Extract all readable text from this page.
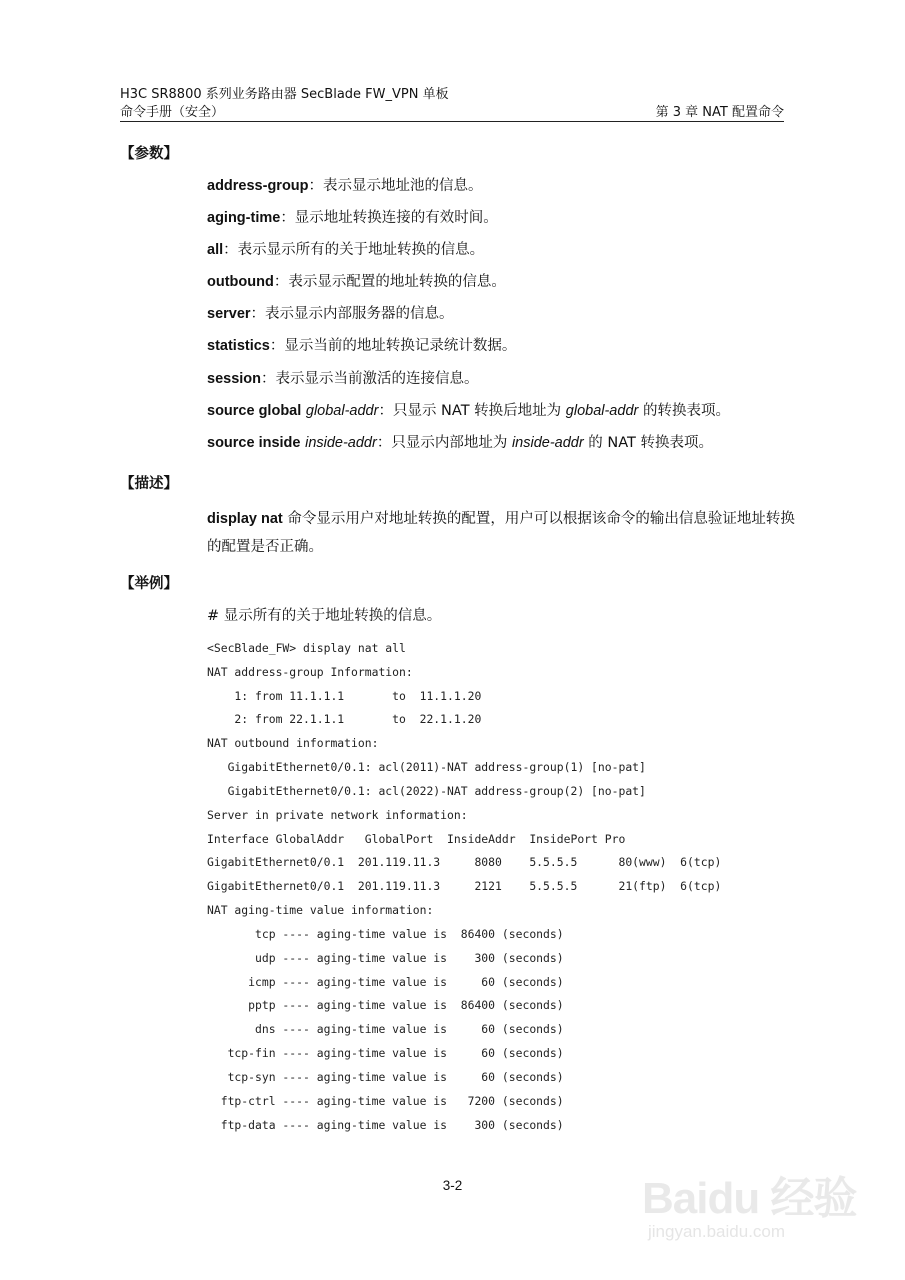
H3C SR8800 系列业务路由器 SecBlade FW_VPN 单板
命令手册（安全）	第 3 章 NAT 配置命令
【参数】
address-group：表示显示地址池的信息。
aging-time：显示地址转换连接的有效时间。
all：表示显示所有的关于地址转换的信息。
outbound：表示显示配置的地址转换的信息。
server：表示显示内部服务器的信息。
statistics：显示当前的地址转换记录统计数据。
session：表示显示当前激活的连接信息。
source global global-addr：只显示 NAT 转换后地址为 global-addr 的转换表项。
source inside inside-addr：只显示内部地址为 inside-addr 的 NAT 转换表项。
【描述】
display nat 命令显示用户对地址转换的配置，用户可以根据该命令的输出信息验证地址转换的配置是否正确。
【举例】
# 显示所有的关于地址转换的信息。
<SecBlade_FW> display nat all
NAT address-group Information:
1: from 11.1.1.1       to  11.1.1.20
2: from 22.1.1.1       to  22.1.1.20
NAT outbound information:
GigabitEthernet0/0.1: acl(2011)-NAT address-group(1) [no-pat]
GigabitEthernet0/0.1: acl(2022)-NAT address-group(2) [no-pat]
Server in private network information:
Interface GlobalAddr   GlobalPort  InsideAddr  InsidePort Pro
GigabitEthernet0/0.1  201.119.11.3     8080    5.5.5.5      80(www)  6(tcp)
GigabitEthernet0/0.1  201.119.11.3     2121    5.5.5.5      21(ftp)  6(tcp)
NAT aging-time value information:
tcp ---- aging-time value is  86400 (seconds)
udp ---- aging-time value is    300 (seconds)
icmp ---- aging-time value is     60 (seconds)
pptp ---- aging-time value is  86400 (seconds)
dns ---- aging-time value is     60 (seconds)
tcp-fin ---- aging-time value is     60 (seconds)
tcp-syn ---- aging-time value is     60 (seconds)
ftp-ctrl ---- aging-time value is   7200 (seconds)
ftp-data ---- aging-time value is    300 (seconds)
3-2	Baidu 经验
jingyan.baidu.com
